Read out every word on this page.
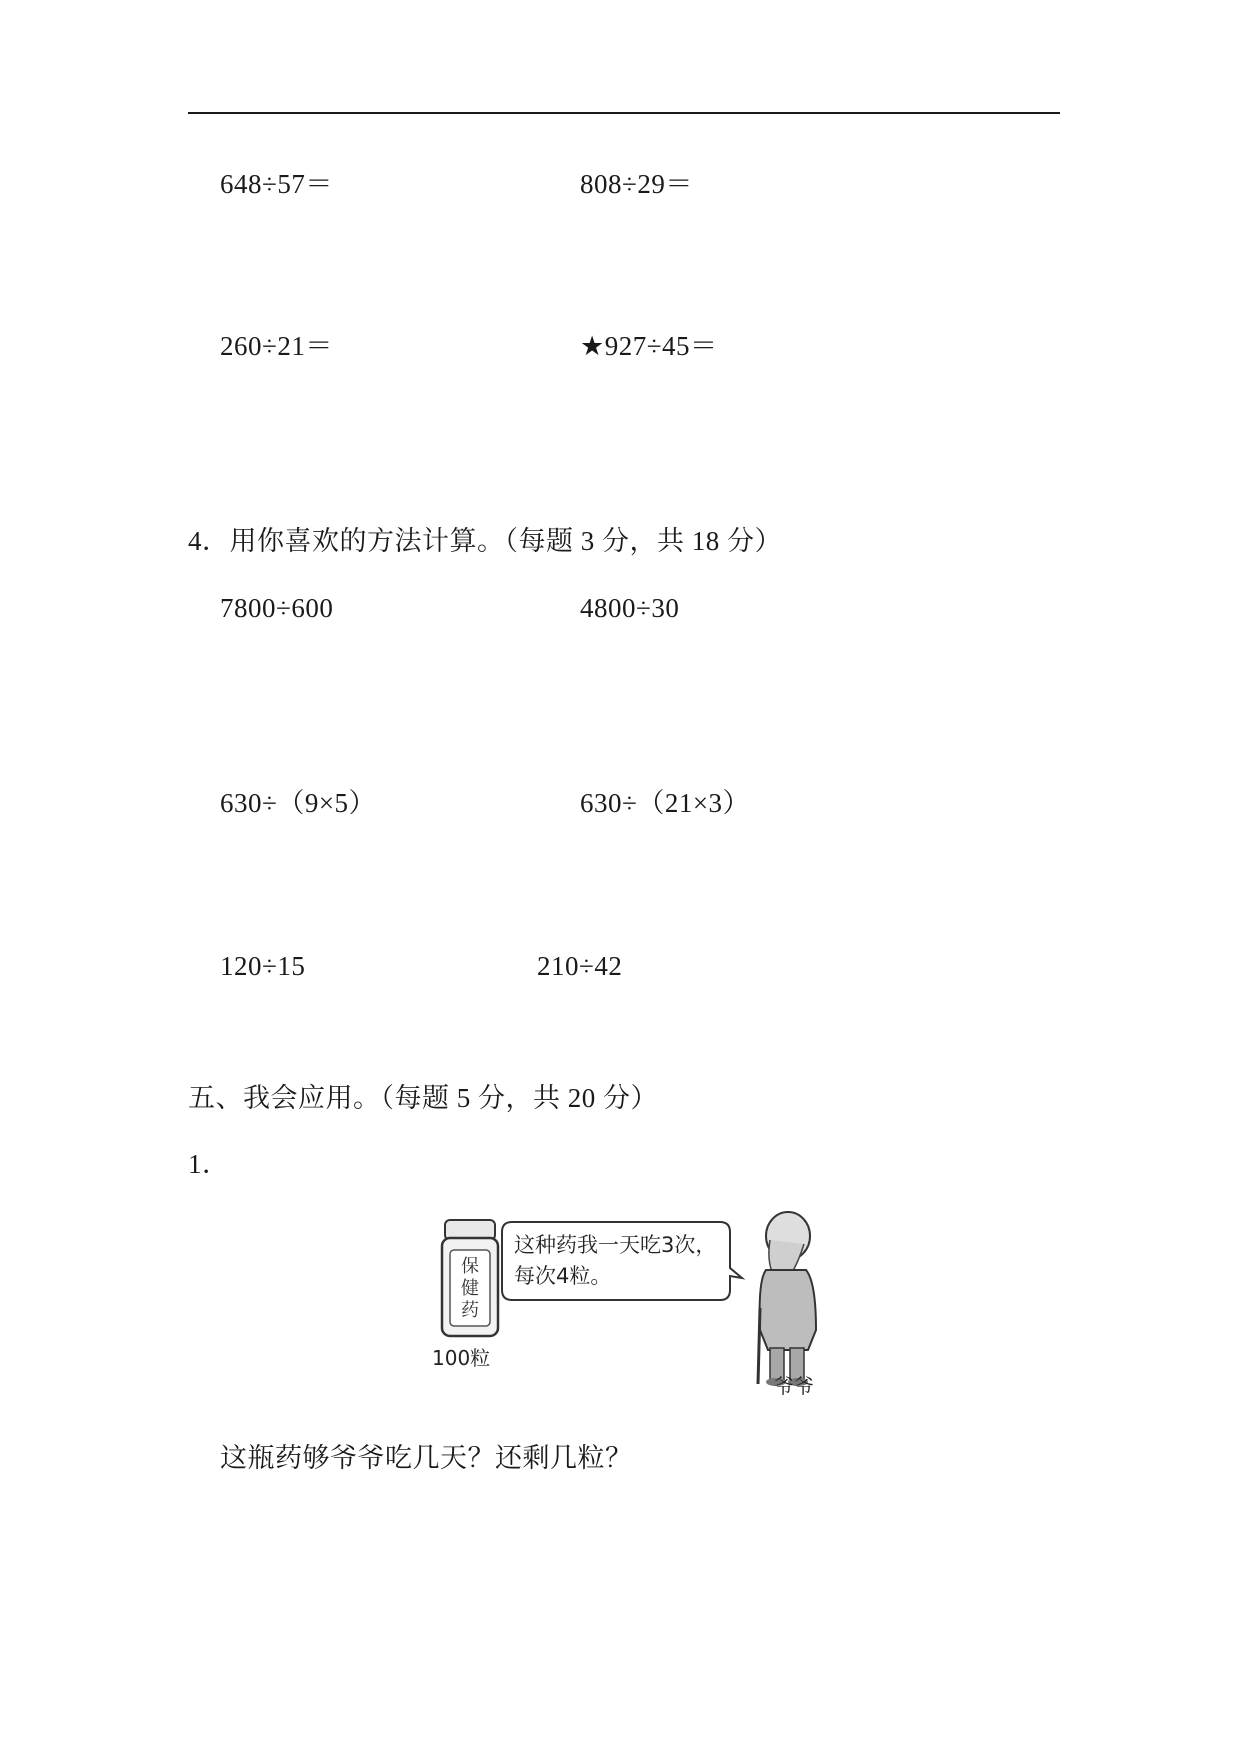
648÷57＝	808÷29＝
260÷21＝	★927÷45＝
4．用你喜欢的方法计算。（每题 3 分，共 18 分）
7800÷600	4800÷30
630÷（9×5）	630÷（21×3）
120÷15	210÷42
五、我会应用。（每题 5 分，共 20 分）
1．
保
健
药
100粒
这种药我一天吃3次，
每次4粒。
爷爷
这瓶药够爷爷吃几天？还剩几粒？
